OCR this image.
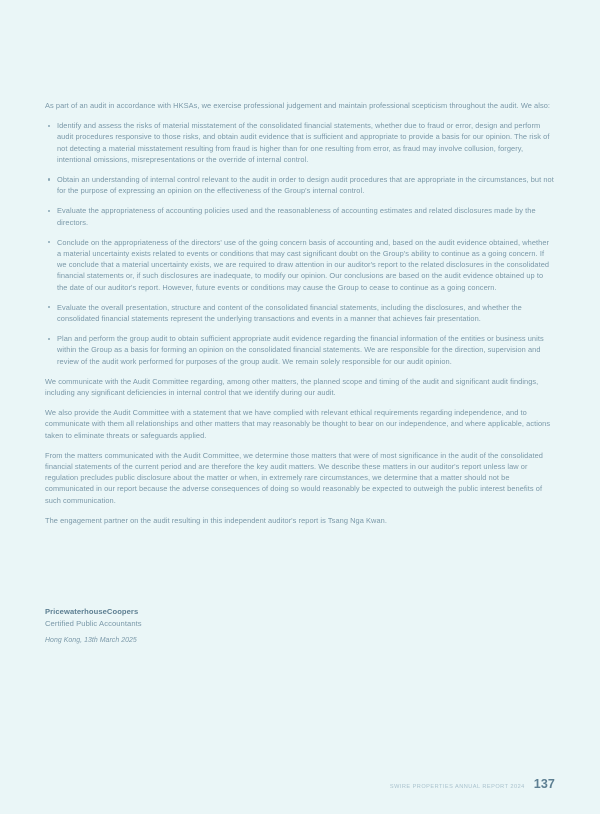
As part of an audit in accordance with HKSAs, we exercise professional judgement and maintain professional scepticism throughout the audit. We also:

Identify and assess the risks of material misstatement of the consolidated financial statements, whether due to fraud or error, design and perform audit procedures responsive to those risks, and obtain audit evidence that is sufficient and appropriate to provide a basis for our opinion. The risk of not detecting a material misstatement resulting from fraud is higher than for one resulting from error, as fraud may involve collusion, forgery, intentional omissions, misrepresentations or the override of internal control.
Obtain an understanding of internal control relevant to the audit in order to design audit procedures that are appropriate in the circumstances, but not for the purpose of expressing an opinion on the effectiveness of the Group's internal control.
Evaluate the appropriateness of accounting policies used and the reasonableness of accounting estimates and related disclosures made by the directors.
Conclude on the appropriateness of the directors' use of the going concern basis of accounting and, based on the audit evidence obtained, whether a material uncertainty exists related to events or conditions that may cast significant doubt on the Group's ability to continue as a going concern. If we conclude that a material uncertainty exists, we are required to draw attention in our auditor's report to the related disclosures in the consolidated financial statements or, if such disclosures are inadequate, to modify our opinion. Our conclusions are based on the audit evidence obtained up to the date of our auditor's report. However, future events or conditions may cause the Group to cease to continue as a going concern.
Evaluate the overall presentation, structure and content of the consolidated financial statements, including the disclosures, and whether the consolidated financial statements represent the underlying transactions and events in a manner that achieves fair presentation.
Plan and perform the group audit to obtain sufficient appropriate audit evidence regarding the financial information of the entities or business units within the Group as a basis for forming an opinion on the consolidated financial statements. We are responsible for the direction, supervision and review of the audit work performed for purposes of the group audit. We remain solely responsible for our audit opinion.

We communicate with the Audit Committee regarding, among other matters, the planned scope and timing of the audit and significant audit findings, including any significant deficiencies in internal control that we identify during our audit.

We also provide the Audit Committee with a statement that we have complied with relevant ethical requirements regarding independence, and to communicate with them all relationships and other matters that may reasonably be thought to bear on our independence, and where applicable, actions taken to eliminate threats or safeguards applied.

From the matters communicated with the Audit Committee, we determine those matters that were of most significance in the audit of the consolidated financial statements of the current period and are therefore the key audit matters. We describe these matters in our auditor's report unless law or regulation precludes public disclosure about the matter or when, in extremely rare circumstances, we determine that a matter should not be communicated in our report because the adverse consequences of doing so would reasonably be expected to outweigh the public interest benefits of such communication.

The engagement partner on the audit resulting in this independent auditor's report is Tsang Nga Kwan.

PricewaterhouseCoopers

Certified Public Accountants

Hong Kong, 13th March 2025

SWIRE PROPERTIES ANNUAL REPORT 2024 137
